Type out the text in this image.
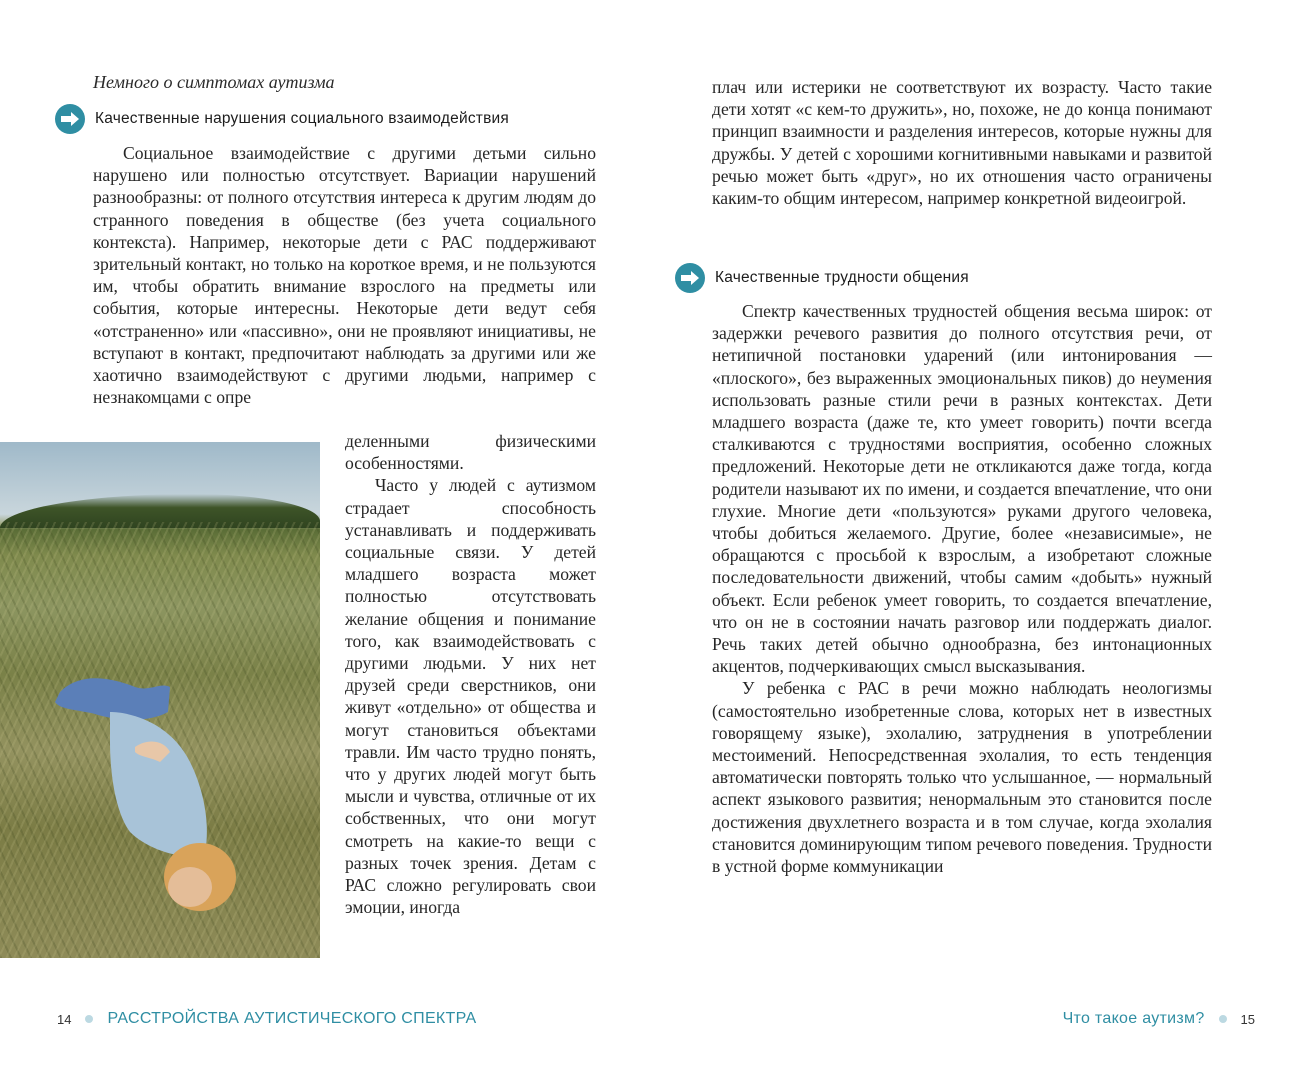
Немного о симптомах аутизма
Качественные нарушения социального взаимодействия

Социальное взаимодействие с другими детьми сильно нарушено или полностью отсутствует. Вариации нарушений разнообразны: от полного отсутствия интереса к другим людям до странного поведения в обществе (без учета социального контекста). Например, некоторые дети с РАС поддерживают зрительный контакт, но только на короткое время, и не пользуются им, чтобы обратить внимание взрослого на предметы или события, которые интересны. Некоторые дети ведут себя «отстраненно» или «пассивно», они не проявляют инициативы, не вступают в контакт, предпочитают наблюдать за другими или же хаотично взаимодействуют с другими людьми, например с незнакомцами с опре

деленными физическими особенностями.

Часто у людей с аутизмом страдает способность устанавливать и поддерживать социальные связи. У детей младшего возраста может полностью отсутствовать желание общения и понимание того, как взаимодействовать с другими людьми. У них нет друзей среди сверстников, они живут «отдельно» от общества и могут становиться объектами травли. Им часто трудно понять, что у других людей могут быть мысли и чувства, отличные от их собственных, что они могут смотреть на какие-то вещи с разных точек зрения. Детам с РАС сложно регулировать свои эмоции, иногда

14 РАССТРОЙСТВА АУТИСТИЧЕСКОГО СПЕКТРА

плач или истерики не соответствуют их возрасту. Часто такие дети хотят «с кем-то дружить», но, похоже, не до конца понимают принцип взаимности и разделения интересов, которые нужны для дружбы. У детей с хорошими когнитивными навыками и развитой речью может быть «друг», но их отношения часто ограничены каким-то общим интересом, например конкретной видеоигрой.

Качественные трудности общения

Спектр качественных трудностей общения весьма широк: от задержки речевого развития до полного отсутствия речи, от нетипичной постановки ударений (или интонирования — «плоского», без выраженных эмоциональных пиков) до неумения использовать разные стили речи в разных контекстах. Дети младшего возраста (даже те, кто умеет говорить) почти всегда сталкиваются с трудностями восприятия, особенно сложных предложений. Некоторые дети не откликаются даже тогда, когда родители называют их по имени, и создается впечатление, что они глухие. Многие дети «пользуются» руками другого человека, чтобы добиться желаемого. Другие, более «независимые», не обращаются с просьбой к взрослым, а изобретают сложные последовательности движений, чтобы самим «добыть» нужный объект. Если ребенок умеет говорить, то создается впечатление, что он не в состоянии начать разговор или поддержать диалог. Речь таких детей обычно однообразна, без интонационных акцентов, подчеркивающих смысл высказывания.

У ребенка с РАС в речи можно наблюдать неологизмы (самостоятельно изобретенные слова, которых нет в известных говорящему языке), эхолалию, затруднения в употреблении местоимений. Непосредственная эхолалия, то есть тенденция автоматически повторять только что услышанное, — нормальный аспект языкового развития; ненормальным это становится после достижения двухлетнего возраста и в том случае, когда эхолалия становится доминирующим типом речевого поведения. Трудности в устной форме коммуникации

Что такое аутизм?	15
